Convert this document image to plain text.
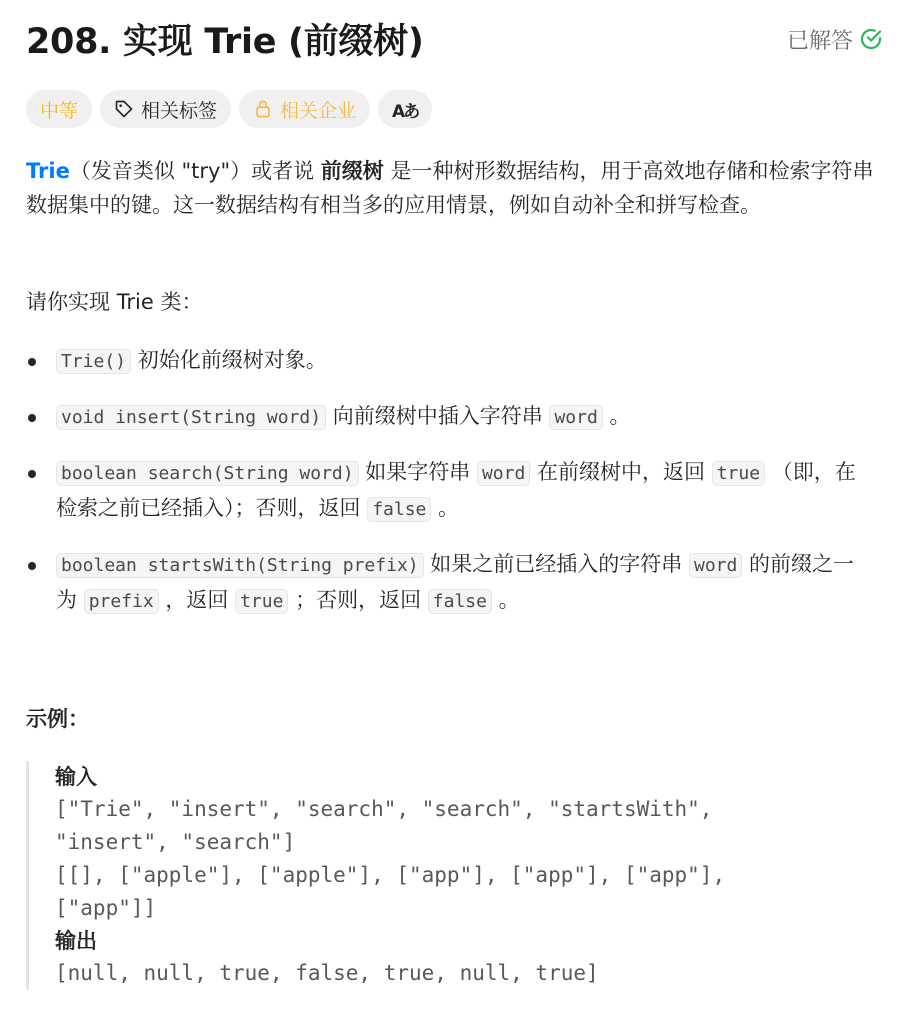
208. 实现 Trie (前缀树)	已解答
中等	相关标签	相关企业 Aあ
Trie（发音类似 "try"）或者说 前缀树 是一种树形数据结构，用于高效地存储和检索字符串数据集中的键。这一数据结构有相当多的应用情景，例如自动补全和拼写检查。
请你实现 Trie 类：
Trie() 初始化前缀树对象。
void insert(String word) 向前缀树中插入字符串 word 。
boolean search(String word) 如果字符串 word 在前缀树中，返回 true （即，在检索之前已经插入）；否则，返回 false 。
boolean startsWith(String prefix) 如果之前已经插入的字符串 word 的前缀之一为 prefix ，返回 true ；否则，返回 false 。
示例：
输入
["Trie", "insert", "search", "search", "startsWith",
"insert", "search"]
[[], ["apple"], ["apple"], ["app"], ["app"], ["app"],
["app"]]
输出
[null, null, true, false, true, null, true]
